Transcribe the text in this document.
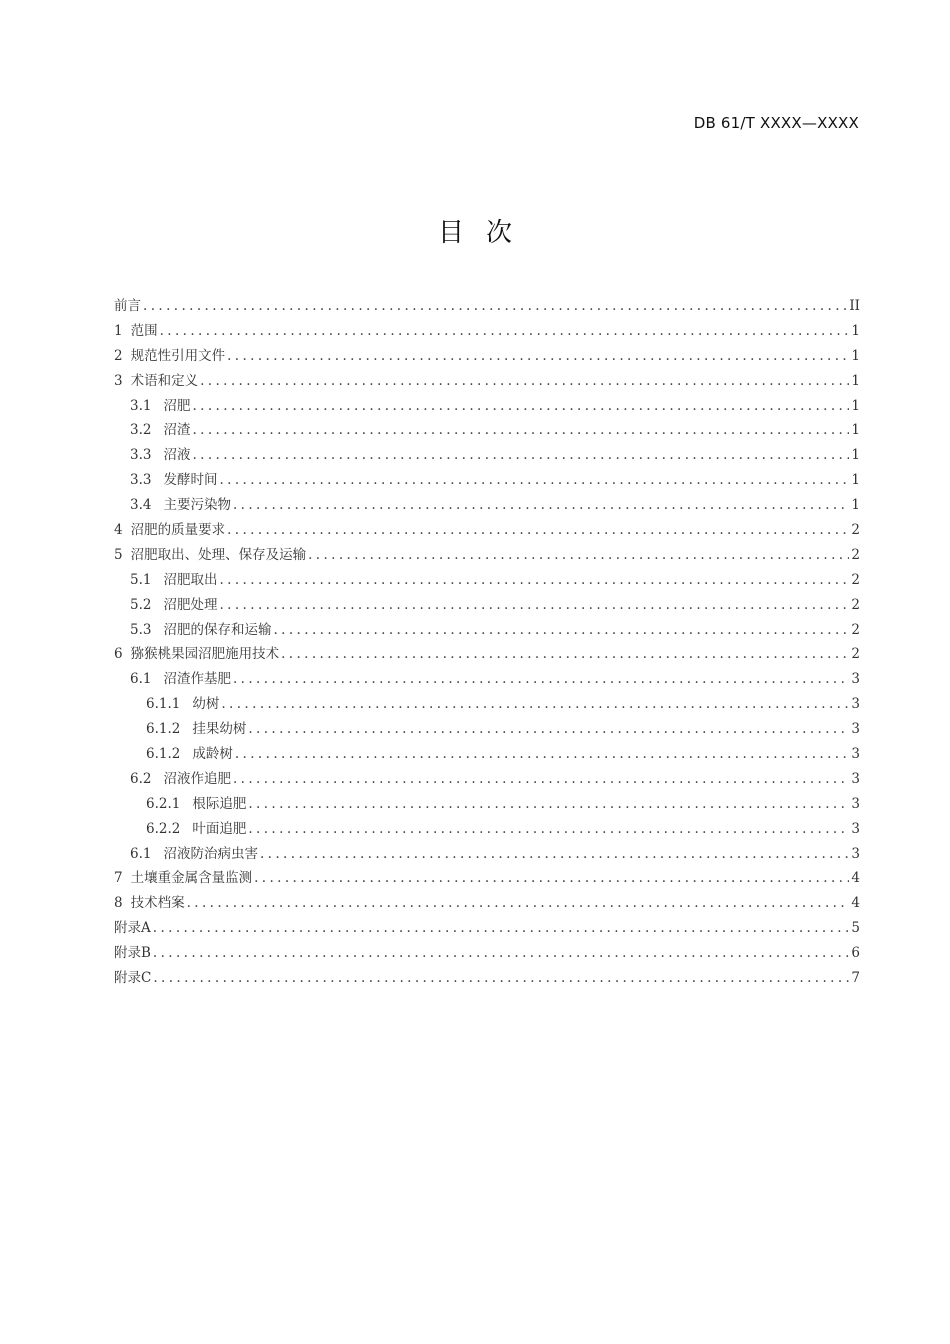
DB 61/T XXXX—XXXX
目 次
前言 .....	II
1 范围 .....	1
2 规范性引用文件 .....	1
3 术语和定义 .....	1
3.1 沼肥 .....	1
3.2 沼渣 .....	1
3.3 沼液 .....	1
3.3 发酵时间 .....	1
3.4 主要污染物 .....	1
4 沼肥的质量要求 .....	2
5 沼肥取出、处理、保存及运输 .....	2
5.1 沼肥取出 .....	2
5.2 沼肥处理 .....	2
5.3 沼肥的保存和运输 .....	2
6 猕猴桃果园沼肥施用技术 .....	2
6.1 沼渣作基肥 .....	3
6.1.1 幼树 .....	3
6.1.2 挂果幼树 .....	3
6.1.2 成龄树 .....	3
6.2 沼液作追肥 .....	3
6.2.1 根际追肥 .....	3
6.2.2 叶面追肥 .....	3
6.1 沼液防治病虫害 .....	3
7 土壤重金属含量监测 .....	4
8 技术档案 .....	4
附录A .....	5
附录B .....	6
附录C .....	7
